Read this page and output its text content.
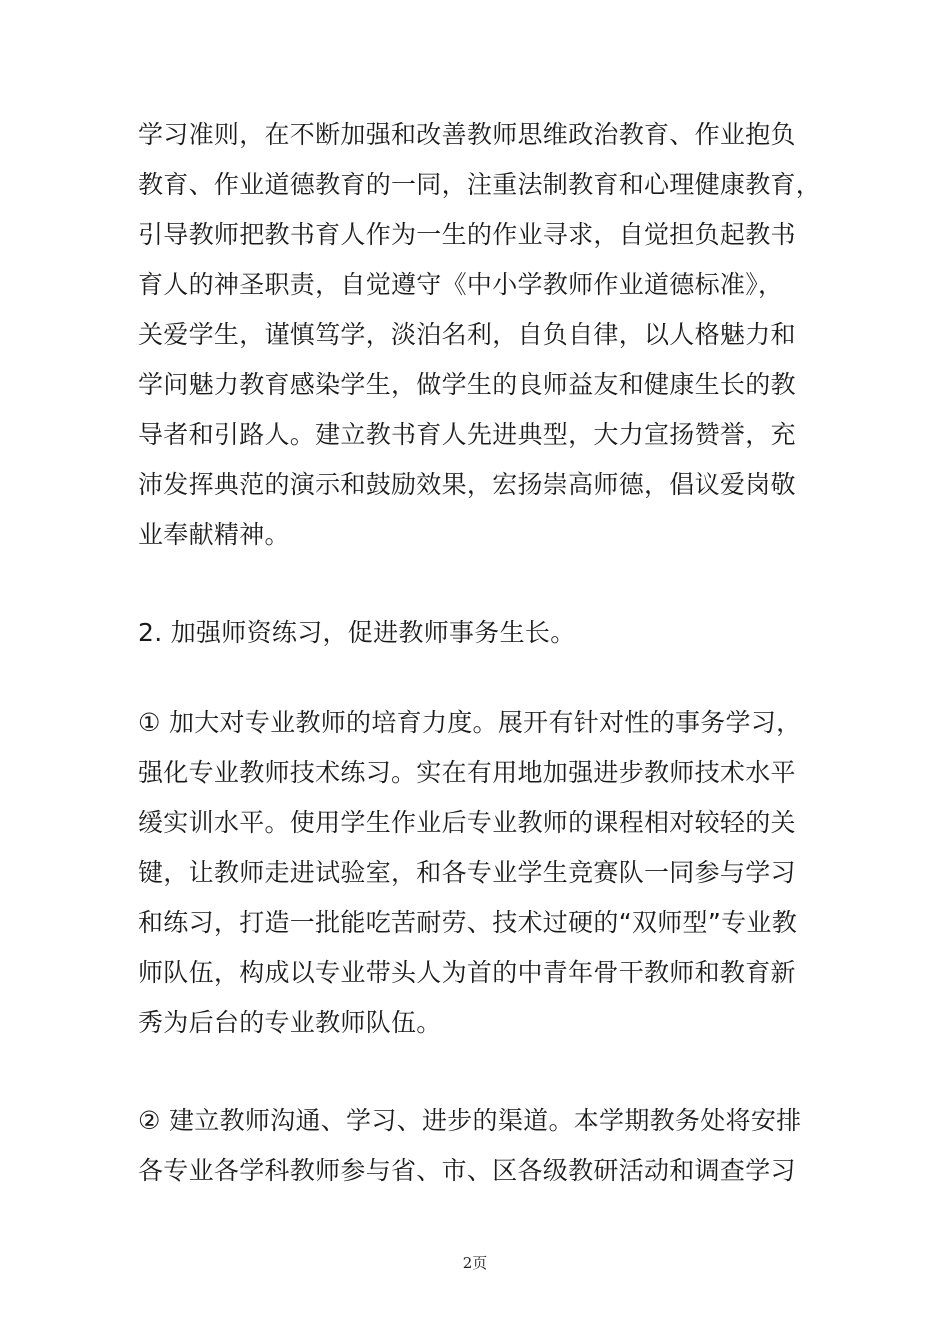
学习准则，在不断加强和改善教师思维政治教育、作业抱负
教育、作业道德教育的一同，注重法制教育和心理健康教育，
引导教师把教书育人作为一生的作业寻求，自觉担负起教书
育人的神圣职责，自觉遵守《中小学教师作业道德标准》，
关爱学生，谨慎笃学，淡泊名利，自负自律，以人格魅力和
学问魅力教育感染学生，做学生的良师益友和健康生长的教
导者和引路人。建立教书育人先进典型，大力宣扬赞誉，充
沛发挥典范的演示和鼓励效果，宏扬崇高师德，倡议爱岗敬
业奉献精神。
2. 加强师资练习，促进教师事务生长。
① 加大对专业教师的培育力度。展开有针对性的事务学习，
强化专业教师技术练习。实在有用地加强进步教师技术水平
缓实训水平。使用学生作业后专业教师的课程相对较轻的关
键，让教师走进试验室，和各专业学生竞赛队一同参与学习
和练习，打造一批能吃苦耐劳、技术过硬的“双师型”专业教
师队伍，构成以专业带头人为首的中青年骨干教师和教育新
秀为后台的专业教师队伍。
② 建立教师沟通、学习、进步的渠道。本学期教务处将安排
各专业各学科教师参与省、市、区各级教研活动和调查学习
2页
